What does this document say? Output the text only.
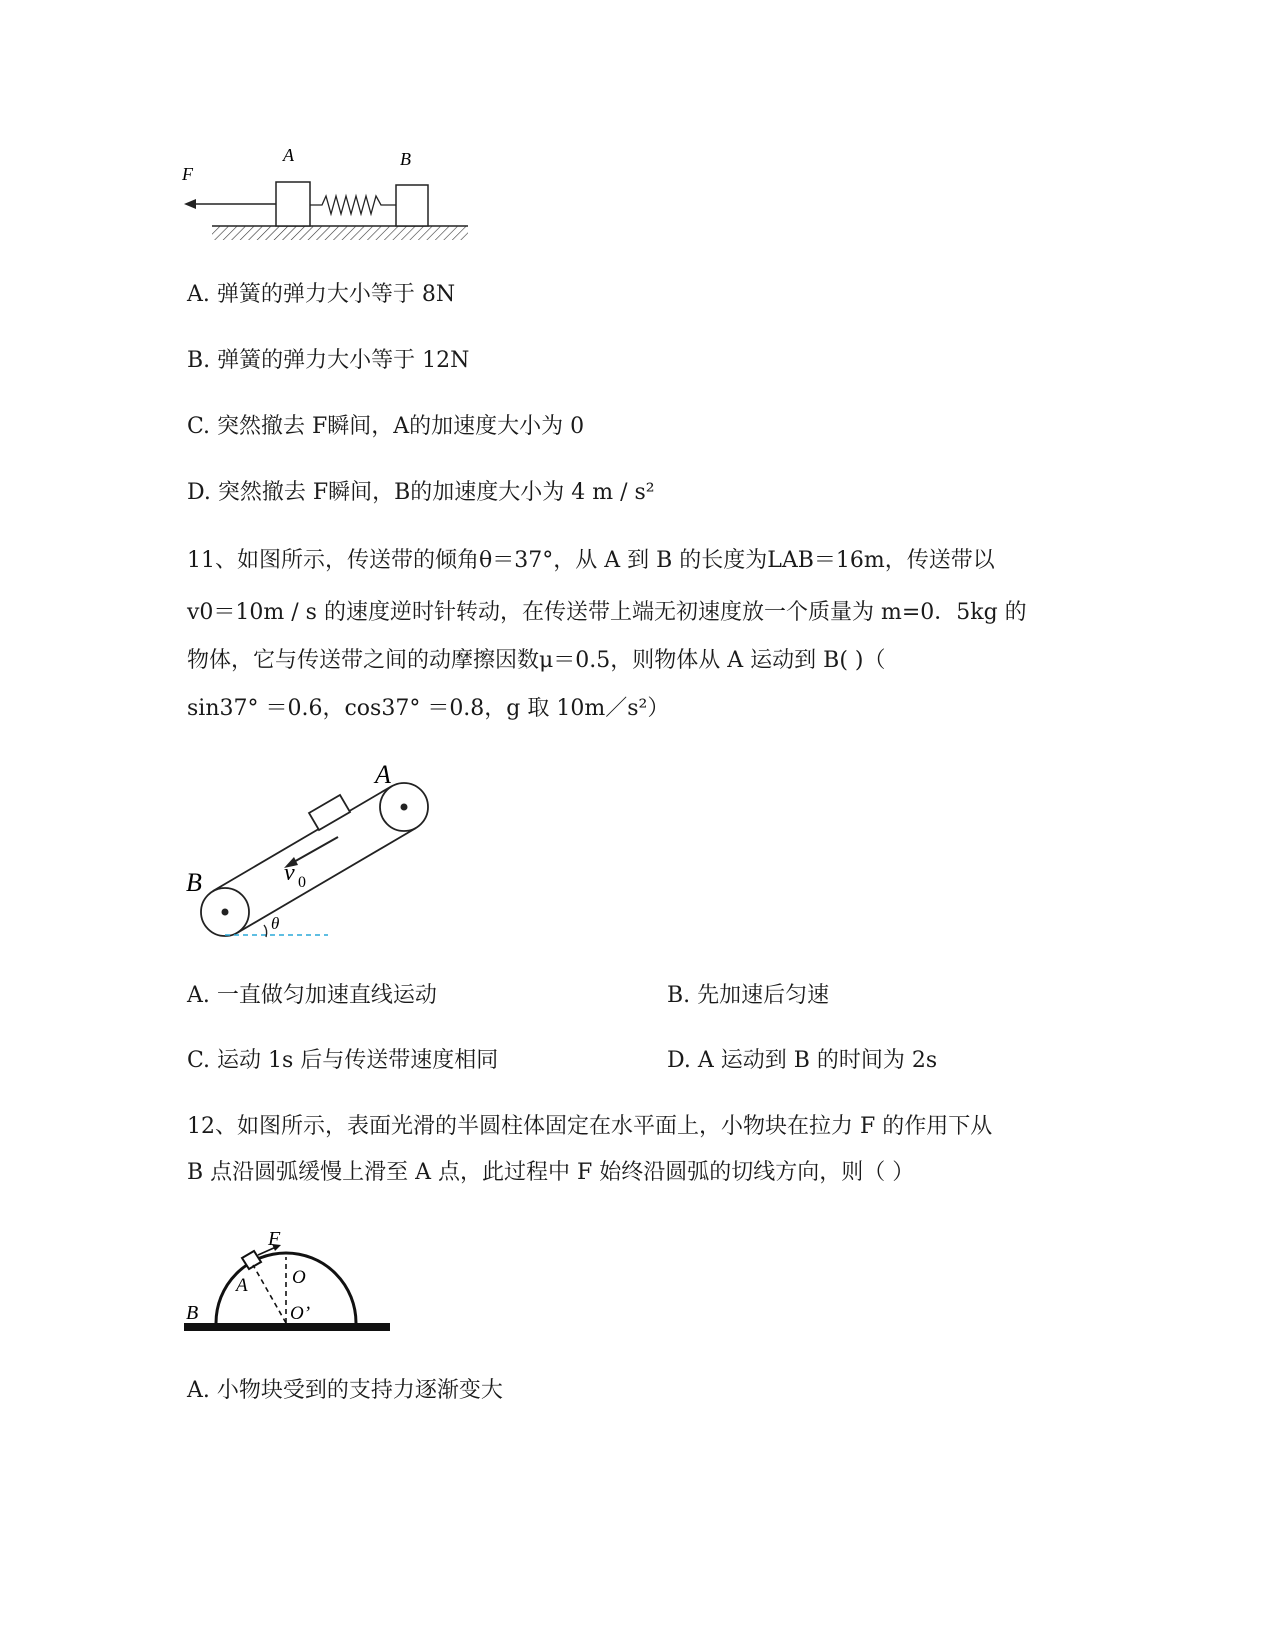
F
A	B
A. 弹簧的弹力大小等于 8N
B. 弹簧的弹力大小等于 12N
C. 突然撤去 F瞬间，A的加速度大小为 0
D. 突然撤去 F瞬间，B的加速度大小为 4 m / s²
11、如图所示，传送带的倾角θ＝37°，从 A 到 B 的长度为LAB＝16m，传送带以
v0＝10m / s 的速度逆时针转动，在传送带上端无初速度放一个质量为 m=0．5kg 的
物体，它与传送带之间的动摩擦因数μ＝0.5，则物体从 A 运动到 B( )（
sin37° ＝0.6，cos37° ＝0.8，g 取 10m／s²）
v 0
A
B
θ
A. 一直做匀加速直线运动	B. 先加速后匀速
C. 运动 1s 后与传送带速度相同	D. A 运动到 B 的时间为 2s
12、如图所示，表面光滑的半圆柱体固定在水平面上，小物块在拉力 F 的作用下从
B 点沿圆弧缓慢上滑至 A 点，此过程中 F 始终沿圆弧的切线方向，则（ ）
F
A
B
O
O’
A. 小物块受到的支持力逐渐变大
